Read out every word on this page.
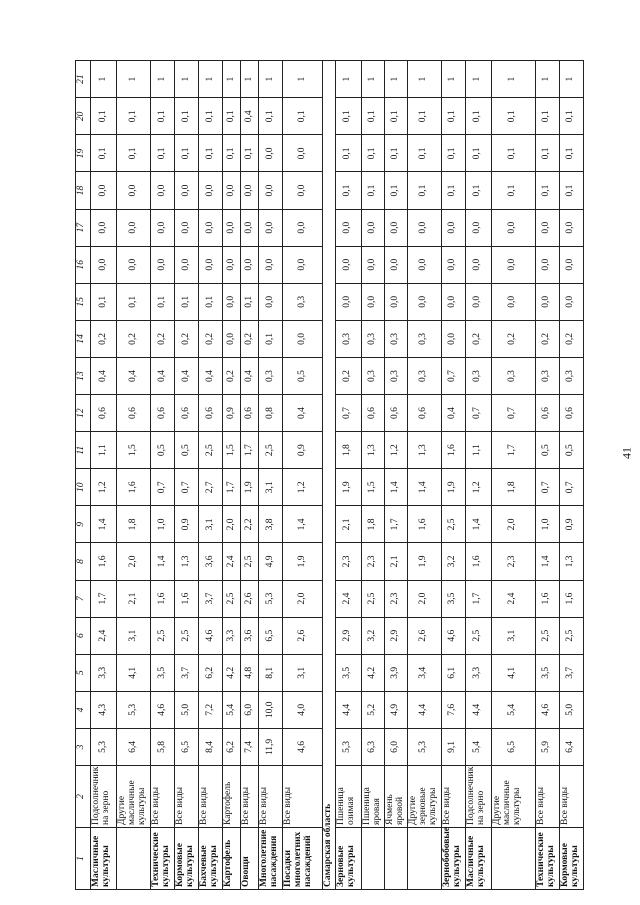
41
1	2	3	4	5	6	7	8	9	10	11	12	13	14	15	16	17	18	19	20	21
Масличные культуры	Подсолнечник на зерно	5,3	4,3	3,3	2,4	1,7	1,6	1,4	1,2	1,1	0,6	0,4	0,2	0,1	0,0	0,0	0,0	0,1	0,1	1
	Другие масличные культуры	6,4	5,3	4,1	3,1	2,1	2,0	1,8	1,6	1,5	0,6	0,4	0,2	0,1	0,0	0,0	0,0	0,1	0,1	1
Технические культуры	Все виды	5,8	4,6	3,5	2,5	1,6	1,4	1,0	0,7	0,5	0,6	0,4	0,2	0,1	0,0	0,0	0,0	0,1	0,1	1
Кормовые культуры	Все виды	6,5	5,0	3,7	2,5	1,6	1,3	0,9	0,7	0,5	0,6	0,4	0,2	0,1	0,0	0,0	0,0	0,1	0,1	1
Бахчевые культуры	Все виды	8,4	7,2	6,2	4,6	3,7	3,6	3,1	2,7	2,5	0,6	0,4	0,2	0,1	0,0	0,0	0,0	0,1	0,1	1
Картофель	Картофель	6,2	5,4	4,2	3,3	2,5	2,4	2,0	1,7	1,5	0,9	0,2	0,0	0,0	0,0	0,0	0,0	0,1	0,1	1
Овощи	Все виды	7,4	6,0	4,8	3,6	2,6	2,5	2,2	1,9	1,7	0,6	0,4	0,2	0,1	0,0	0,0	0,0	0,1	0,4	1
Многолетние насаждения	Все виды	11,9	10,0	8,1	6,5	5,3	4,9	3,8	3,1	2,5	0,8	0,3	0,1	0,0	0,0	0,0	0,0	0,0	0,1	1
Посадки многолетних насаждений	Все виды	4,6	4,0	3,1	2,6	2,0	1,9	1,4	1,2	0,9	0,4	0,5	0,0	0,3	0,0	0,0	0,0	0,0	0,1	1
Самарская область																				
Зерновые культуры	Пшеница озимая	5,3	4,4	3,5	2,9	2,4	2,3	2,1	1,9	1,8	0,7	0,2	0,3	0,0	0,0	0,0	0,1	0,1	0,1	1
	Пшеница яровая	6,3	5,2	4,2	3,2	2,5	2,3	1,8	1,5	1,3	0,6	0,3	0,3	0,0	0,0	0,0	0,1	0,1	0,1	1
	Ячмень яровой	6,0	4,9	3,9	2,9	2,3	2,1	1,7	1,4	1,2	0,6	0,3	0,3	0,0	0,0	0,0	0,1	0,1	0,1	1
	Другие зерновые культуры	5,3	4,4	3,4	2,6	2,0	1,9	1,6	1,4	1,3	0,6	0,3	0,3	0,0	0,0	0,0	0,1	0,1	0,1	1
Зернобобовые культуры	Все виды	9,1	7,6	6,1	4,6	3,5	3,2	2,5	1,9	1,6	0,4	0,7	0,0	0,0	0,0	0,0	0,1	0,1	0,1	1
Масличные культуры	Подсолнечник на зерно	5,4	4,4	3,3	2,5	1,7	1,6	1,4	1,2	1,1	0,7	0,3	0,2	0,0	0,0	0,0	0,1	0,1	0,1	1
	Другие масличные культуры	6,5	5,4	4,1	3,1	2,4	2,3	2,0	1,8	1,7	0,7	0,3	0,2	0,0	0,0	0,0	0,1	0,1	0,1	1
Технические культуры	Все виды	5,9	4,6	3,5	2,5	1,6	1,4	1,0	0,7	0,5	0,6	0,3	0,2	0,0	0,0	0,0	0,1	0,1	0,1	1
Кормовые культуры	Все виды	6,4	5,0	3,7	2,5	1,6	1,3	0,9	0,7	0,5	0,6	0,3	0,2	0,0	0,0	0,0	0,1	0,1	0,1	1
